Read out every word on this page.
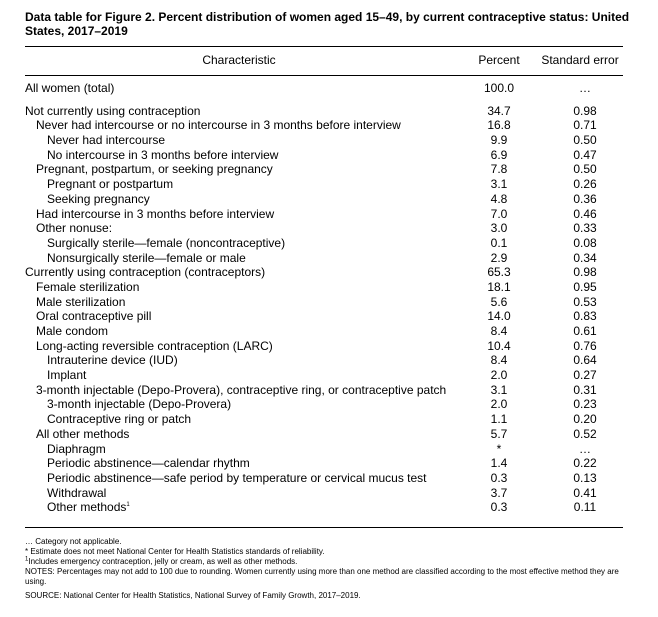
Data table for Figure 2. Percent distribution of women aged 15–49, by current contraceptive status: United States, 2017–2019
Characteristic	Percent	Standard error
All women (total)	100.0	…
Not currently using contraception	34.7	0.98
Never had intercourse or no intercourse in 3 months before interview	16.8	0.71
Never had intercourse	9.9	0.50
No intercourse in 3 months before interview	6.9	0.47
Pregnant, postpartum, or seeking pregnancy	7.8	0.50
Pregnant or postpartum	3.1	0.26
Seeking pregnancy	4.8	0.36
Had intercourse in 3 months before interview	7.0	0.46
Other nonuse:	3.0	0.33
Surgically sterile—female (noncontraceptive)	0.1	0.08
Nonsurgically sterile—female or male	2.9	0.34
Currently using contraception (contraceptors)	65.3	0.98
Female sterilization	18.1	0.95
Male sterilization	5.6	0.53
Oral contraceptive pill	14.0	0.83
Male condom	8.4	0.61
Long-acting reversible contraception (LARC)	10.4	0.76
Intrauterine device (IUD)	8.4	0.64
Implant	2.0	0.27
3-month injectable (Depo-Provera), contraceptive ring, or contraceptive patch	3.1	0.31
3-month injectable (Depo-Provera)	2.0	0.23
Contraceptive ring or patch	1.1	0.20
All other methods	5.7	0.52
Diaphragm	*	…
Periodic abstinence—calendar rhythm	1.4	0.22
Periodic abstinence—safe period by temperature or cervical mucus test	0.3	0.13
Withdrawal	3.7	0.41
Other methods$^1$	0.3	0.11
… Category not applicable.
* Estimate does not meet National Center for Health Statistics standards of reliability.
$^1$Includes emergency contraception, jelly or cream, as well as other methods.
NOTES: Percentages may not add to 100 due to rounding. Women currently using more than one method are classified according to the most effective method they are using.
SOURCE: National Center for Health Statistics, National Survey of Family Growth, 2017–2019.
